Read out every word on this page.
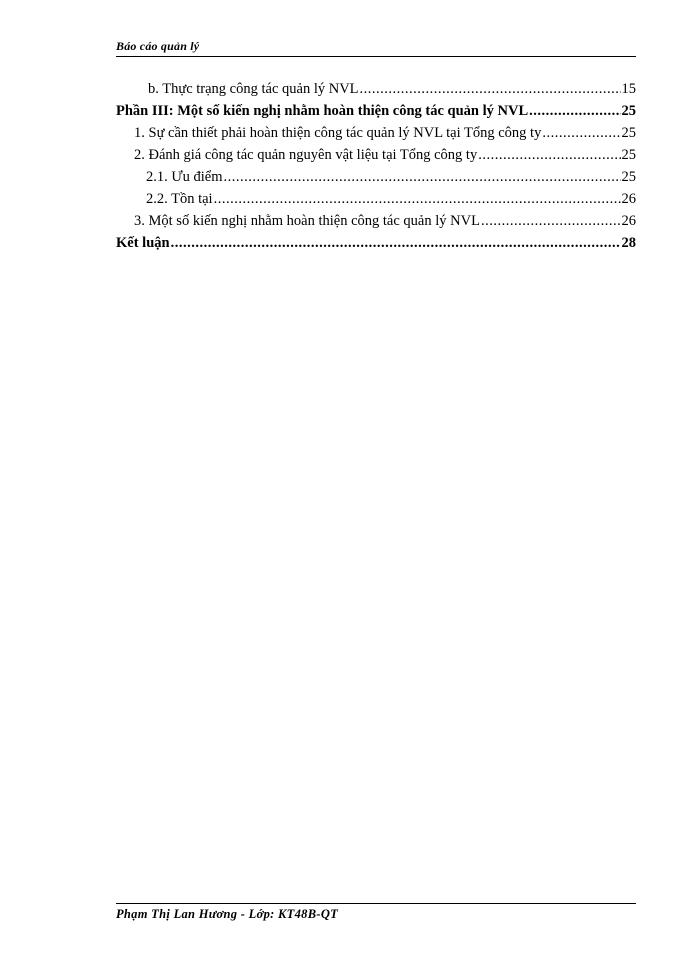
Báo cáo quản lý
b. Thực trạng công tác quản lý NVL .....	15
Phần III: Một số kiến nghị nhằm hoàn thiện công tác quản lý NVL .....	25
1. Sự cần thiết phải hoàn thiện công tác quản lý NVL tại Tổng công ty .....	25
2. Đánh giá công tác quản nguyên vật liệu tại Tổng công ty .....	25
2.1. Ưu điểm .....	25
2.2. Tồn tại .....	26
3. Một số kiến nghị nhằm hoàn thiện công tác quản lý NVL .....	26
Kết luận .....	28
Phạm Thị Lan Hương - Lớp: KT48B-QT
